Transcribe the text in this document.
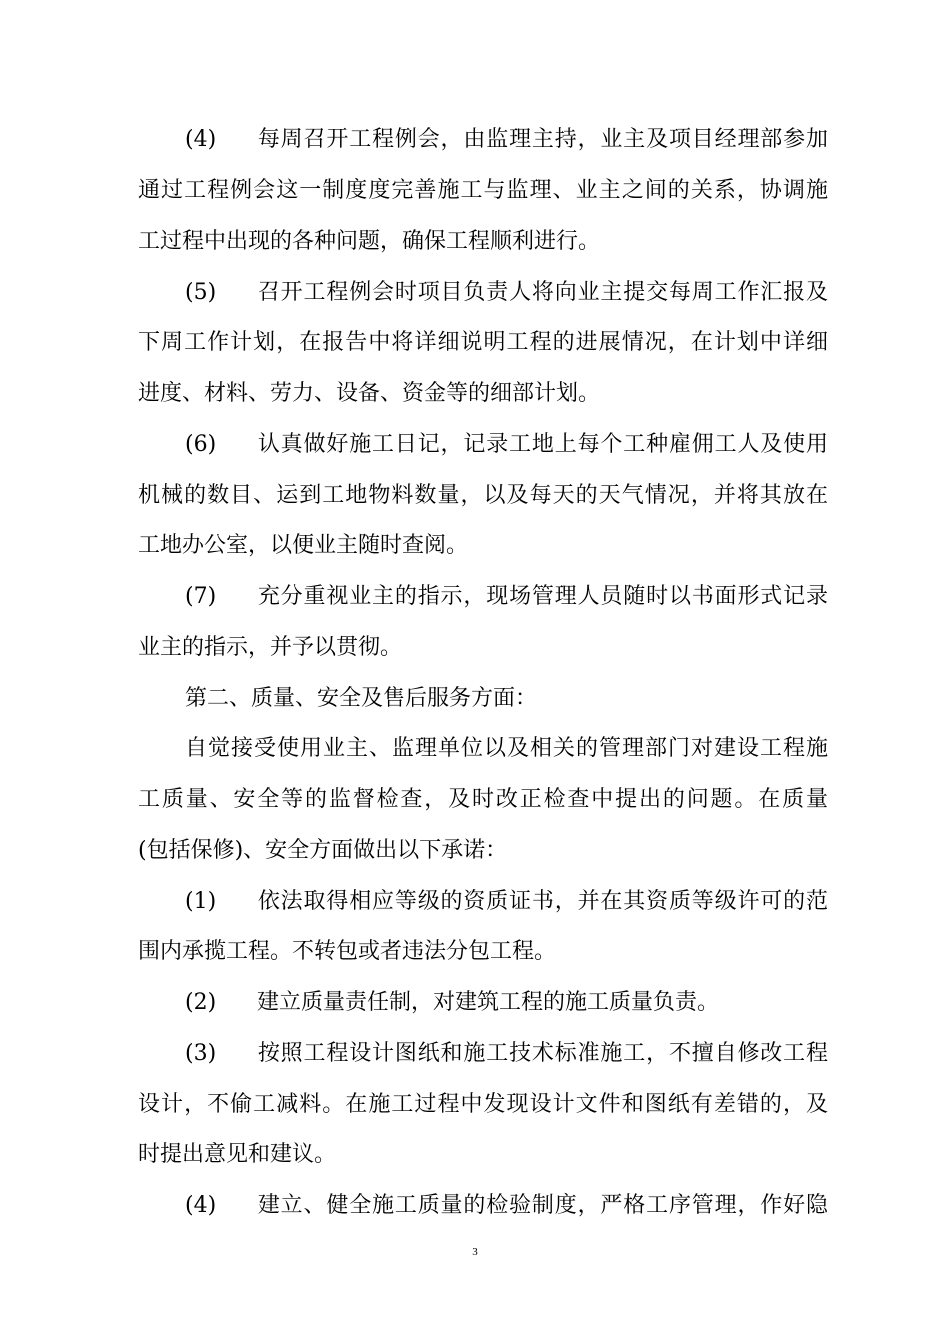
(4) 每周召开工程例会，由监理主持，业主及项目经理部参加
通过工程例会这一制度度完善施工与监理、业主之间的关系，协调施
工过程中出现的各种问题，确保工程顺利进行。
(5) 召开工程例会时项目负责人将向业主提交每周工作汇报及
下周工作计划，在报告中将详细说明工程的进展情况，在计划中详细
进度、材料、劳力、设备、资金等的细部计划。
(6) 认真做好施工日记，记录工地上每个工种雇佣工人及使用
机械的数目、运到工地物料数量，以及每天的天气情况，并将其放在
工地办公室，以便业主随时查阅。
(7) 充分重视业主的指示，现场管理人员随时以书面形式记录
业主的指示，并予以贯彻。
第二、质量、安全及售后服务方面：
自觉接受使用业主、监理单位以及相关的管理部门对建设工程施
工质量、安全等的监督检查，及时改正检查中提出的问题。在质量
(包括保修)、安全方面做出以下承诺：
(1) 依法取得相应等级的资质证书，并在其资质等级许可的范
围内承揽工程。不转包或者违法分包工程。
(2) 建立质量责任制，对建筑工程的施工质量负责。
(3) 按照工程设计图纸和施工技术标准施工，不擅自修改工程
设计，不偷工减料。在施工过程中发现设计文件和图纸有差错的，及
时提出意见和建议。
(4) 建立、健全施工质量的检验制度，严格工序管理，作好隐
3
